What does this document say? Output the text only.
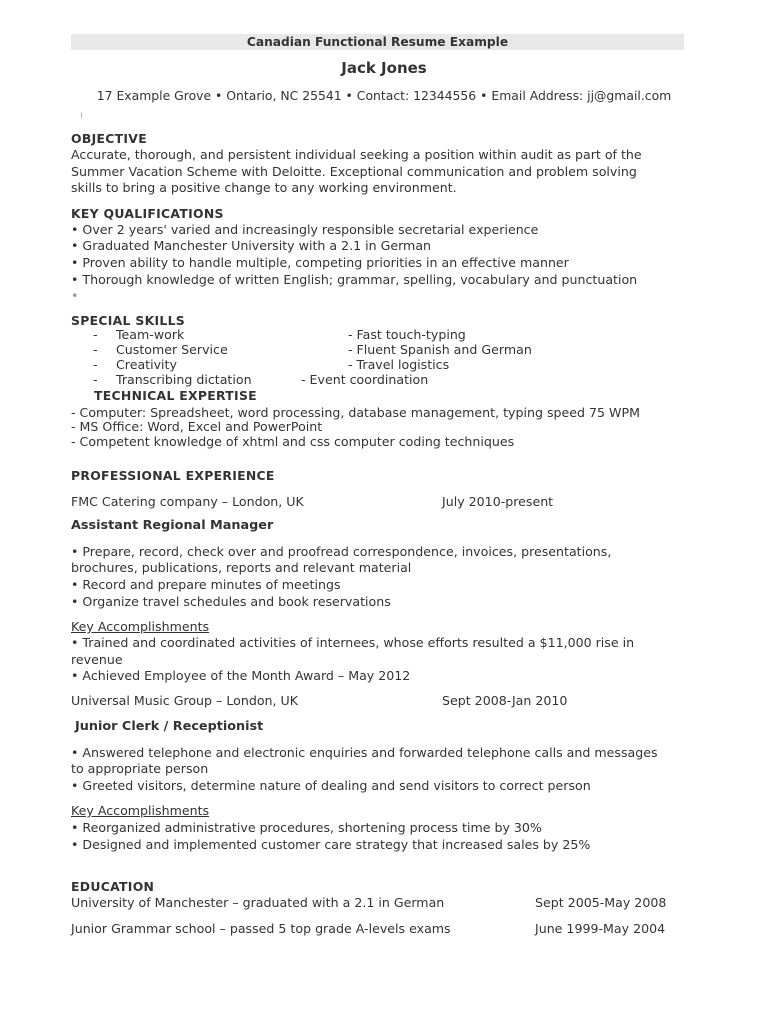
Canadian Functional Resume Example
Jack Jones
17 Example Grove • Ontario, NC 25541 • Contact: 12344556 • Email Address: jj@gmail.com
OBJECTIVE
Accurate, thorough, and persistent individual seeking a position within audit as part of the
Summer Vacation Scheme with Deloitte. Exceptional communication and problem solving
skills to bring a positive change to any working environment.
KEY QUALIFICATIONS
• Over 2 years' varied and increasingly responsible secretarial experience
• Graduated Manchester University with a 2.1 in German
• Proven ability to handle multiple, competing priorities in an effective manner
• Thorough knowledge of written English; grammar, spelling, vocabulary and punctuation
•
SPECIAL SKILLS
- Team-work	- Fast touch-typing
- Customer Service	- Fluent Spanish and German
- Creativity	- Travel logistics
- Transcribing dictation	- Event coordination
TECHNICAL EXPERTISE
- Computer: Spreadsheet, word processing, database management, typing speed 75 WPM
- MS Office: Word, Excel and PowerPoint
- Competent knowledge of xhtml and css computer coding techniques
PROFESSIONAL EXPERIENCE
FMC Catering company – London, UK	July 2010-present
Assistant Regional Manager
• Prepare, record, check over and proofread correspondence, invoices, presentations,
brochures, publications, reports and relevant material
• Record and prepare minutes of meetings
• Organize travel schedules and book reservations
Key Accomplishments
• Trained and coordinated activities of internees, whose efforts resulted a $11,000 rise in
revenue
• Achieved Employee of the Month Award – May 2012
Universal Music Group – London, UK	Sept 2008-Jan 2010
Junior Clerk / Receptionist
• Answered telephone and electronic enquiries and forwarded telephone calls and messages
to appropriate person
• Greeted visitors, determine nature of dealing and send visitors to correct person
Key Accomplishments
• Reorganized administrative procedures, shortening process time by 30%
• Designed and implemented customer care strategy that increased sales by 25%
EDUCATION
University of Manchester – graduated with a 2.1 in German	Sept 2005-May 2008
Junior Grammar school – passed 5 top grade A-levels exams	June 1999-May 2004
